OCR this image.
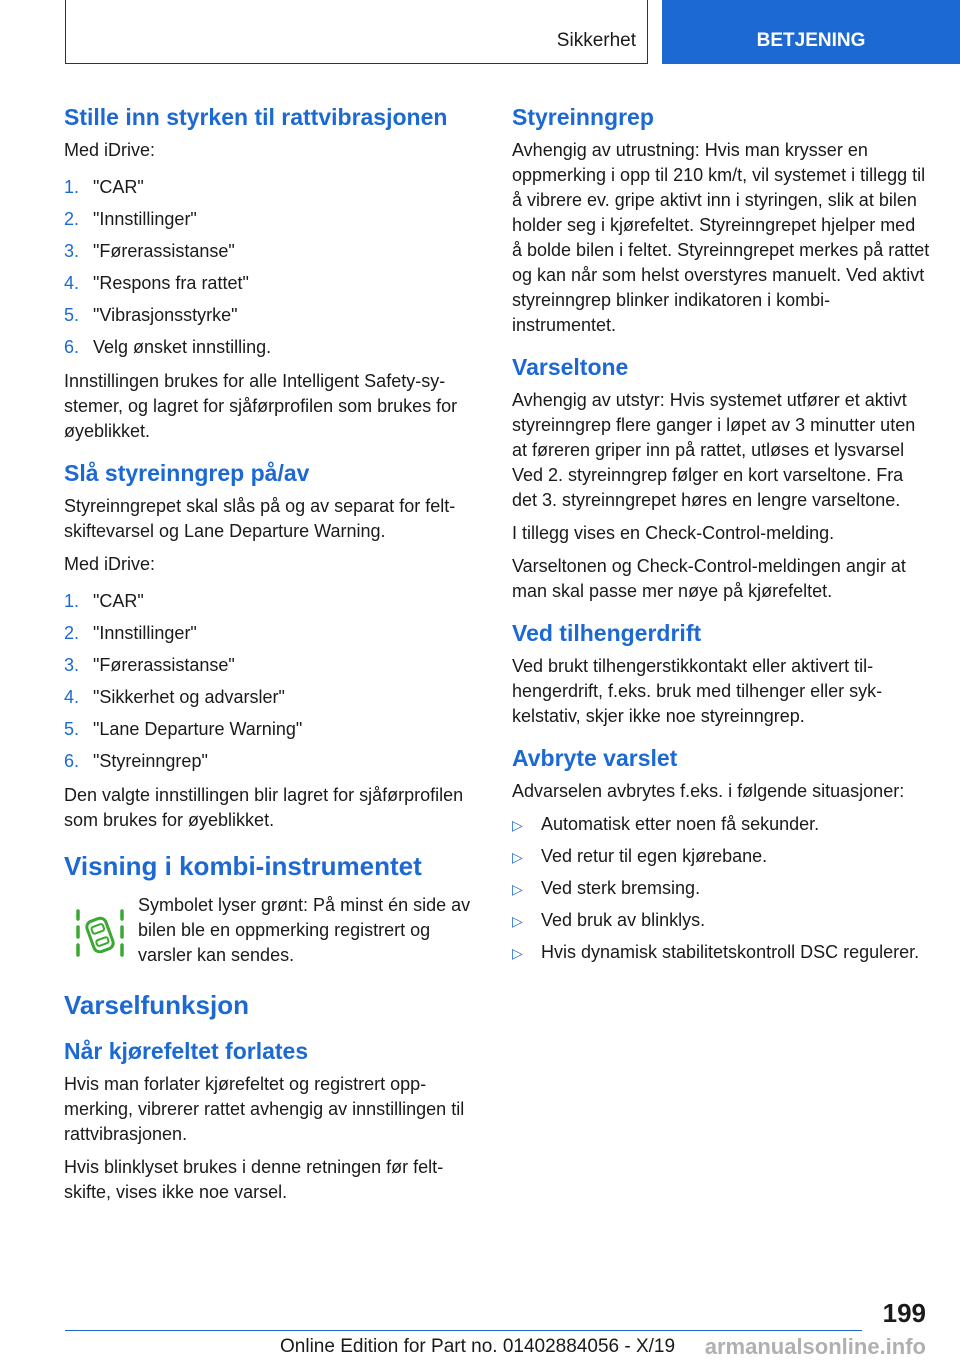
Sikkerhet	BETJENING
Stille inn styrken til rattvibrasjonen

Med iDrive:

1. "CAR"
2. "Innstillinger"
3. "Førerassistanse"
4. "Respons fra rattet"
5. "Vibrasjonsstyrke"
6. Velg ønsket innstilling.

Innstillingen brukes for alle Intelligent Safety-systemer, og lagret for sjåførprofilen som brukes for øyeblikket.

Slå styreinngrep på/av

Styreinngrepet skal slås på og av separat for feltskiftevarsel og Lane Departure Warning.

Med iDrive:

1. "CAR"
2. "Innstillinger"
3. "Førerassistanse"
4. "Sikkerhet og advarsler"
5. "Lane Departure Warning"
6. "Styreinngrep"

Den valgte innstillingen blir lagret for sjåførprofilen som brukes for øyeblikket.

Visning i kombi-instrumentet

Symbolet lyser grønt: På minst én side av bilen ble en oppmerking registrert og varsler kan sendes.

Varselfunksjon
Når kjørefeltet forlates

Hvis man forlater kjørefeltet og registrert oppmerking, vibrerer rattet avhengig av innstillingen til rattvibrasjonen.

Hvis blinklyset brukes i denne retningen før feltskifte, vises ikke noe varsel.

Styreinngrep

Avhengig av utrustning: Hvis man krysser en oppmerking i opp til 210 km/t, vil systemet i tillegg til å vibrere ev. gripe aktivt inn i styringen, slik at bilen holder seg i kjørefeltet. Styreinngrepet hjelper med å bolde bilen i feltet. Styreinngrepet merkes på rattet og kan når som helst overstyres manuelt. Ved aktivt styreinngrep blinker indikatoren i kombi-instrumentet.

Varseltone

Avhengig av utstyr: Hvis systemet utfører et aktivt styreinngrep flere ganger i løpet av 3 minutter uten at føreren griper inn på rattet, utløses et lysvarsel Ved 2. styreinngrep følger en kort varseltone. Fra det 3. styreinngrepet høres en lengre varseltone.

I tillegg vises en Check-Control-melding.

Varseltonen og Check-Control-meldingen angir at man skal passe mer nøye på kjørefeltet.

Ved tilhengerdrift

Ved brukt tilhengerstikkontakt eller aktivert tilhengerdrift, f.eks. bruk med tilhenger eller sykkelstativ, skjer ikke noe styreinngrep.

Avbryte varslet

Advarselen avbrytes f.eks. i følgende situasjoner:

▷ Automatisk etter noen få sekunder.
▷ Ved retur til egen kjørebane.
▷ Ved sterk bremsing.
▷ Ved bruk av blinklys.
▷ Hvis dynamisk stabilitetskontroll DSC regulerer.
199
Online Edition for Part no. 01402884056 - X/19 armanualsonline.info
